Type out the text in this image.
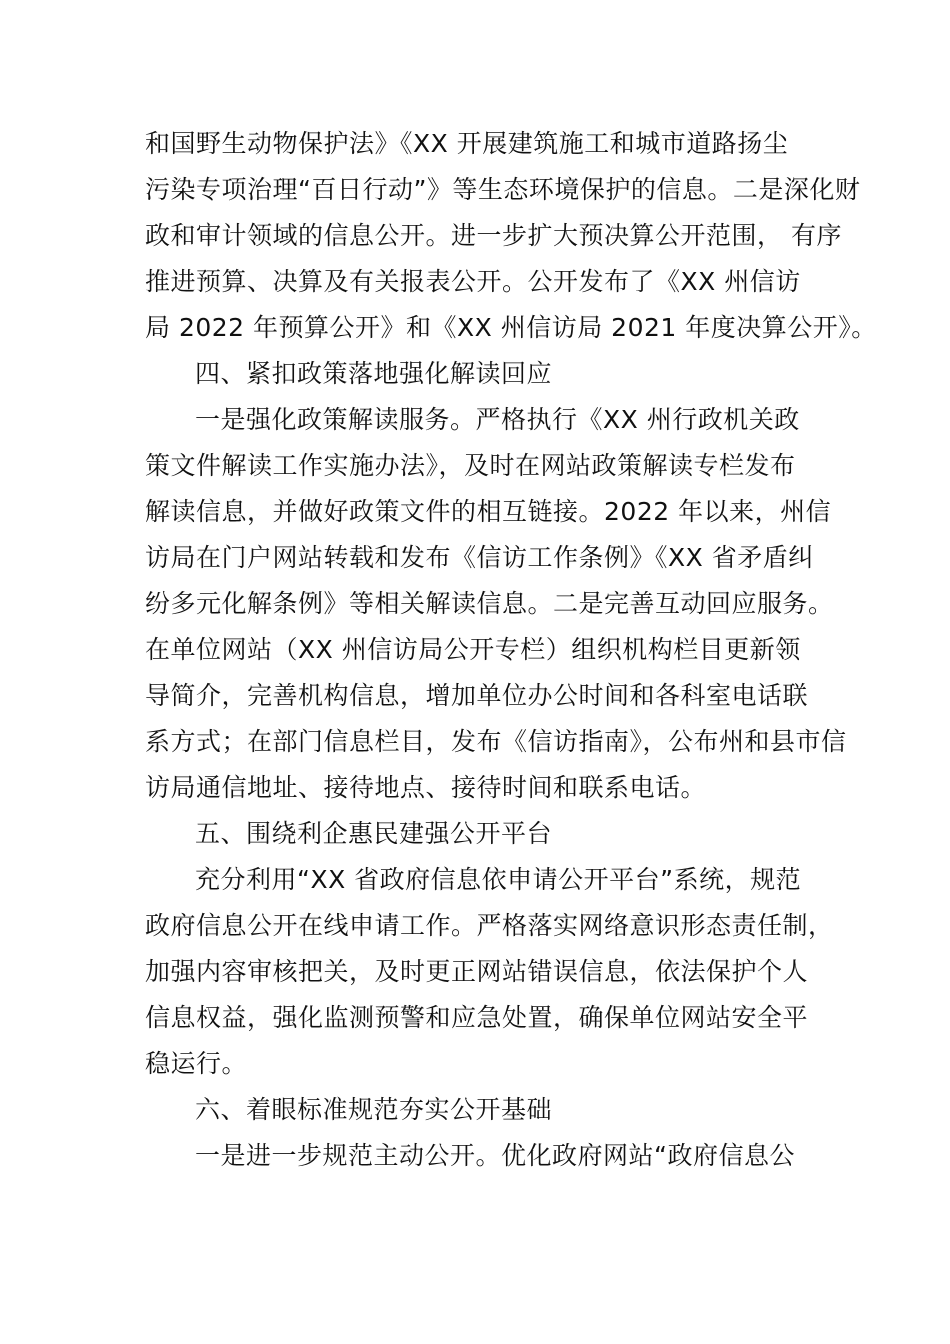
和国野生动物保护法》《XX 开展建筑施工和城市道路扬尘
污染专项治理“百日行动”》等生态环境保护的信息。二是深化财
政和审计领域的信息公开。进一步扩大预决算公开范围， 有序
推进预算、决算及有关报表公开。公开发布了《XX 州信访
局 2022 年预算公开》和《XX 州信访局 2021 年度决算公开》。
四、紧扣政策落地强化解读回应
一是强化政策解读服务。严格执行《XX 州行政机关政
策文件解读工作实施办法》，及时在网站政策解读专栏发布
解读信息，并做好政策文件的相互链接。2022 年以来，州信
访局在门户网站转载和发布《信访工作条例》《XX 省矛盾纠
纷多元化解条例》等相关解读信息。二是完善互动回应服务。
在单位网站（XX 州信访局公开专栏）组织机构栏目更新领
导简介，完善机构信息，增加单位办公时间和各科室电话联
系方式；在部门信息栏目，发布《信访指南》，公布州和县市信
访局通信地址、接待地点、接待时间和联系电话。
五、围绕利企惠民建强公开平台
充分利用“XX 省政府信息依申请公开平台”系统，规范
政府信息公开在线申请工作。严格落实网络意识形态责任制，
加强内容审核把关，及时更正网站错误信息，依法保护个人
信息权益，强化监测预警和应急处置，确保单位网站安全平
稳运行。
六、着眼标准规范夯实公开基础
一是进一步规范主动公开。优化政府网站“政府信息公
